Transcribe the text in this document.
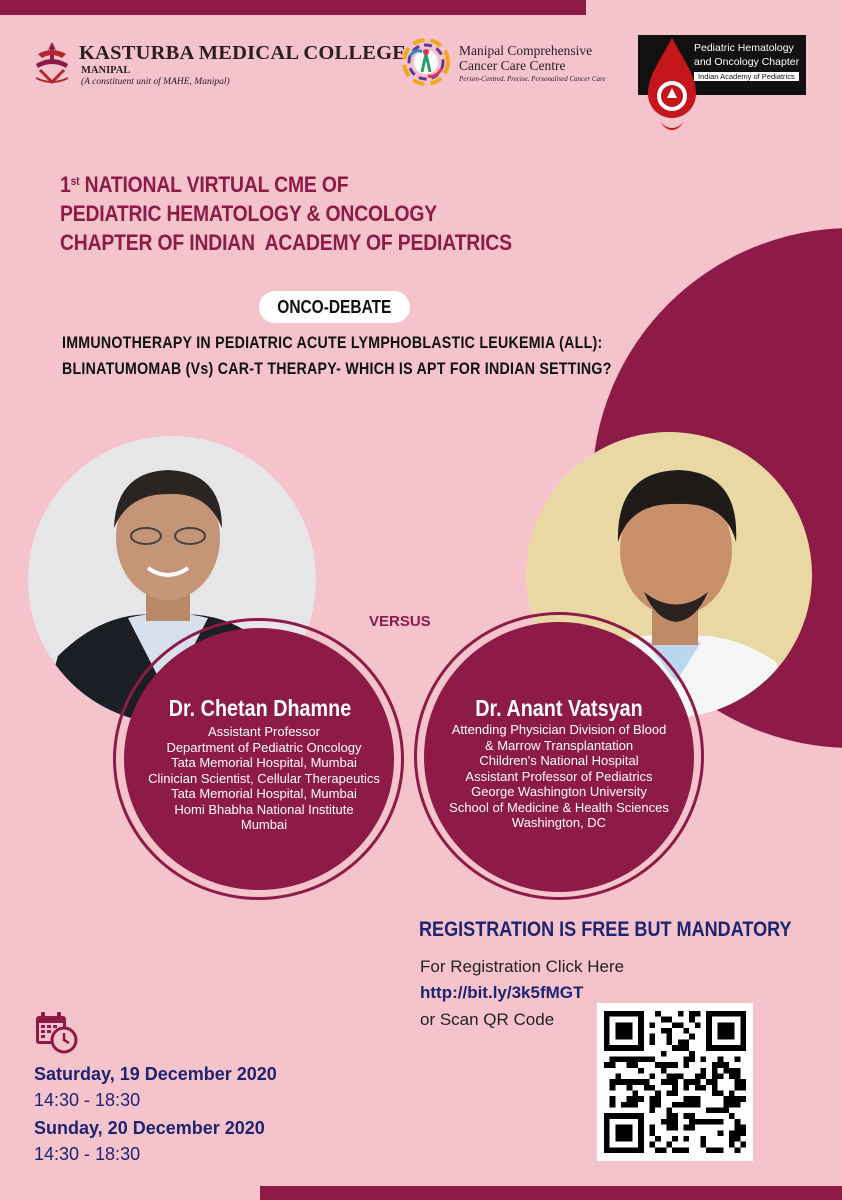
KASTURBA MEDICAL COLLEGE
MANIPAL
(A constituent unit of MAHE, Manipal)
Manipal Comprehensive
Cancer Care Centre
Person-Centred. Precise. Personalised Cancer Care
Pediatric Hematology
and Oncology Chapter
Indian Academy of Pediatrics
1st NATIONAL VIRTUAL CME OF
PEDIATRIC HEMATOLOGY & ONCOLOGY
CHAPTER OF INDIAN  ACADEMY OF PEDIATRICS
ONCO-DEBATE
IMMUNOTHERAPY IN PEDIATRIC ACUTE LYMPHOBLASTIC LEUKEMIA (ALL):
BLINATUMOMAB (Vs) CAR-T THERAPY- WHICH IS APT FOR INDIAN SETTING?
VERSUS
Dr. Chetan Dhamne
Assistant Professor
Department of Pediatric Oncology
Tata Memorial Hospital, Mumbai
Clinician Scientist, Cellular Therapeutics
Tata Memorial Hospital, Mumbai
Homi Bhabha National Institute
Mumbai
Dr. Anant Vatsyan
Attending Physician Division of Blood
& Marrow Transplantation
Children's National Hospital
Assistant Professor of Pediatrics
George Washington University
School of Medicine & Health Sciences
Washington, DC
REGISTRATION IS FREE BUT MANDATORY
For Registration Click Here
http://bit.ly/3k5fMGT
or Scan QR Code
Saturday, 19 December 2020
14:30 - 18:30
Sunday, 20 December 2020
14:30 - 18:30
